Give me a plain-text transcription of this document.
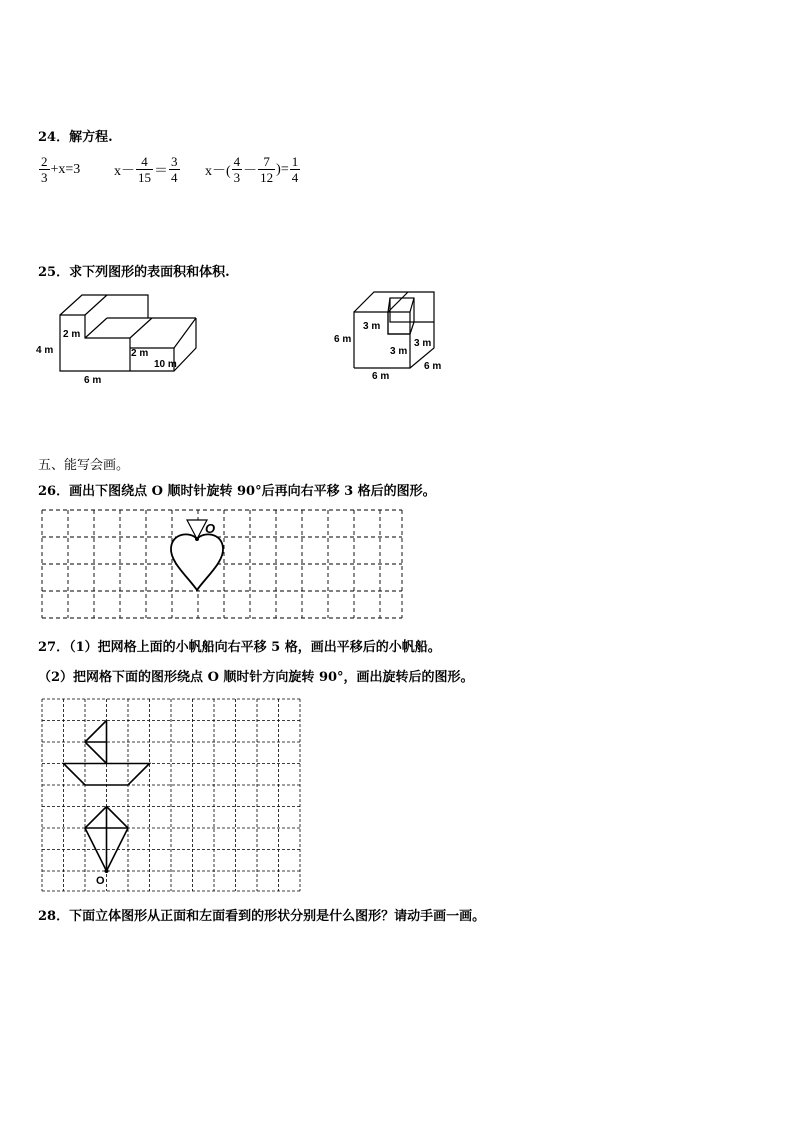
24．解方程.
$\frac{2}{3} +x=3$ $x- \frac{4}{15} = \frac{3}{4} x-( \frac{4}{3} - \frac{7}{12}$ )= $\frac{1}{4}$
25．求下列图形的表面积和体积.
2 m
4 m	2 m
6 m
10 m
3 m
6 m
3 m
3 m
6 m
6 m
五、能写会画。
26．画出下图绕点 O 顺时针旋转 90°后再向右平移 3 格后的图形。
O
27．（1）把网格上面的小帆船向右平移 5 格，画出平移后的小帆船。
（2）把网格下面的图形绕点 O 顺时针方向旋转 90°，画出旋转后的图形。
O
28．下面立体图形从正面和左面看到的形状分别是什么图形？请动手画一画。
